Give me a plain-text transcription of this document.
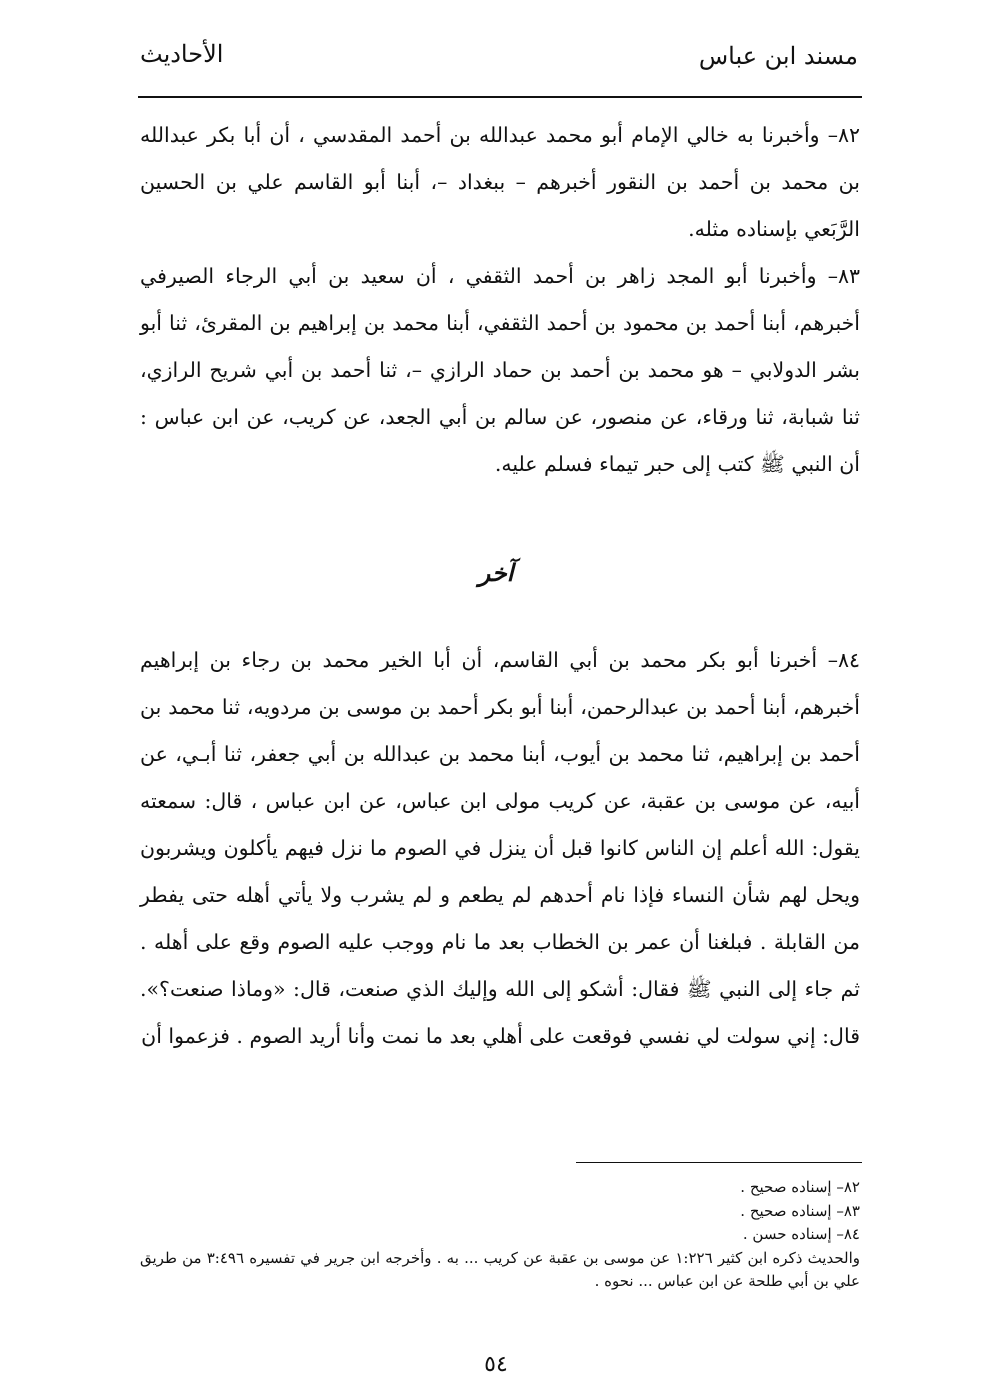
مسند ابن عباس
الأحاديث

٨٢– وأخبرنا به خالي الإمام أبو محمد عبدالله بن أحمد المقدسي ، أن أبا بكر عبدالله بن محمد بن أحمد بن النقور أخبرهم – ببغداد –، أبنا أبو القاسم علي بن الحسين الرَّبَعي بإسناده مثله.

٨٣– وأخبرنا أبو المجد زاهر بن أحمد الثقفي ، أن سعيد بن أبي الرجاء الصيرفي أخبرهم، أبنا أحمد بن محمود بن أحمد الثقفي، أبنا محمد بن إبراهيم بن المقرئ، ثنا أبو بشر الدولابي – هو محمد بن أحمد بن حماد الرازي –، ثنا أحمد بن أبي شريح الرازي، ثنا شبابة، ثنا ورقاء، عن منصور، عن سالم بن أبي الجعد، عن كريب، عن ابن عباس : أن النبي ﷺ كتب إلى حبر تيماء فسلم عليه.

آخر

٨٤– أخبرنا أبو بكر محمد بن أبي القاسم، أن أبا الخير محمد بن رجاء بن إبراهيم أخبرهم، أبنا أحمد بن عبدالرحمن، أبنا أبو بكر أحمد بن موسى بن مردويه، ثنا محمد بن أحمد بن إبراهيم، ثنا محمد بن أيوب، أبنا محمد بن عبدالله بن أبي جعفر، ثنا أبـي، عن أبيه، عن موسى بن عقبة، عن كريب مولى ابن عباس، عن ابن عباس ، قال: سمعته يقول: الله أعلم إن الناس كانوا قبل أن ينزل في الصوم ما نزل فيهم يأكلون ويشربون ويحل لهم شأن النساء فإذا نام أحدهم لم يطعم و لم يشرب ولا يأتي أهله حتى يفطر من القابلة . فبلغنا أن عمر بن الخطاب بعد ما نام ووجب عليه الصوم وقع على أهله . ثم جاء إلى النبي ﷺ فقال: أشكو إلى الله وإليك الذي صنعت، قال: «وماذا صنعت؟». قال: إني سولت لي نفسي فوقعت على أهلي بعد ما نمت وأنا أريد الصوم . فزعموا أن

٨٢– إسناده صحيح .

٨٣– إسناده صحيح .

٨٤– إسناده حسن .

والحديث ذكره ابن كثير ١:٢٢٦ عن موسى بن عقبة عن كريب ... به . وأخرجه ابن جرير في تفسيره ٣:٤٩٦ من طريق علي بن أبي طلحة عن ابن عباس ... نحوه .

٥٤
